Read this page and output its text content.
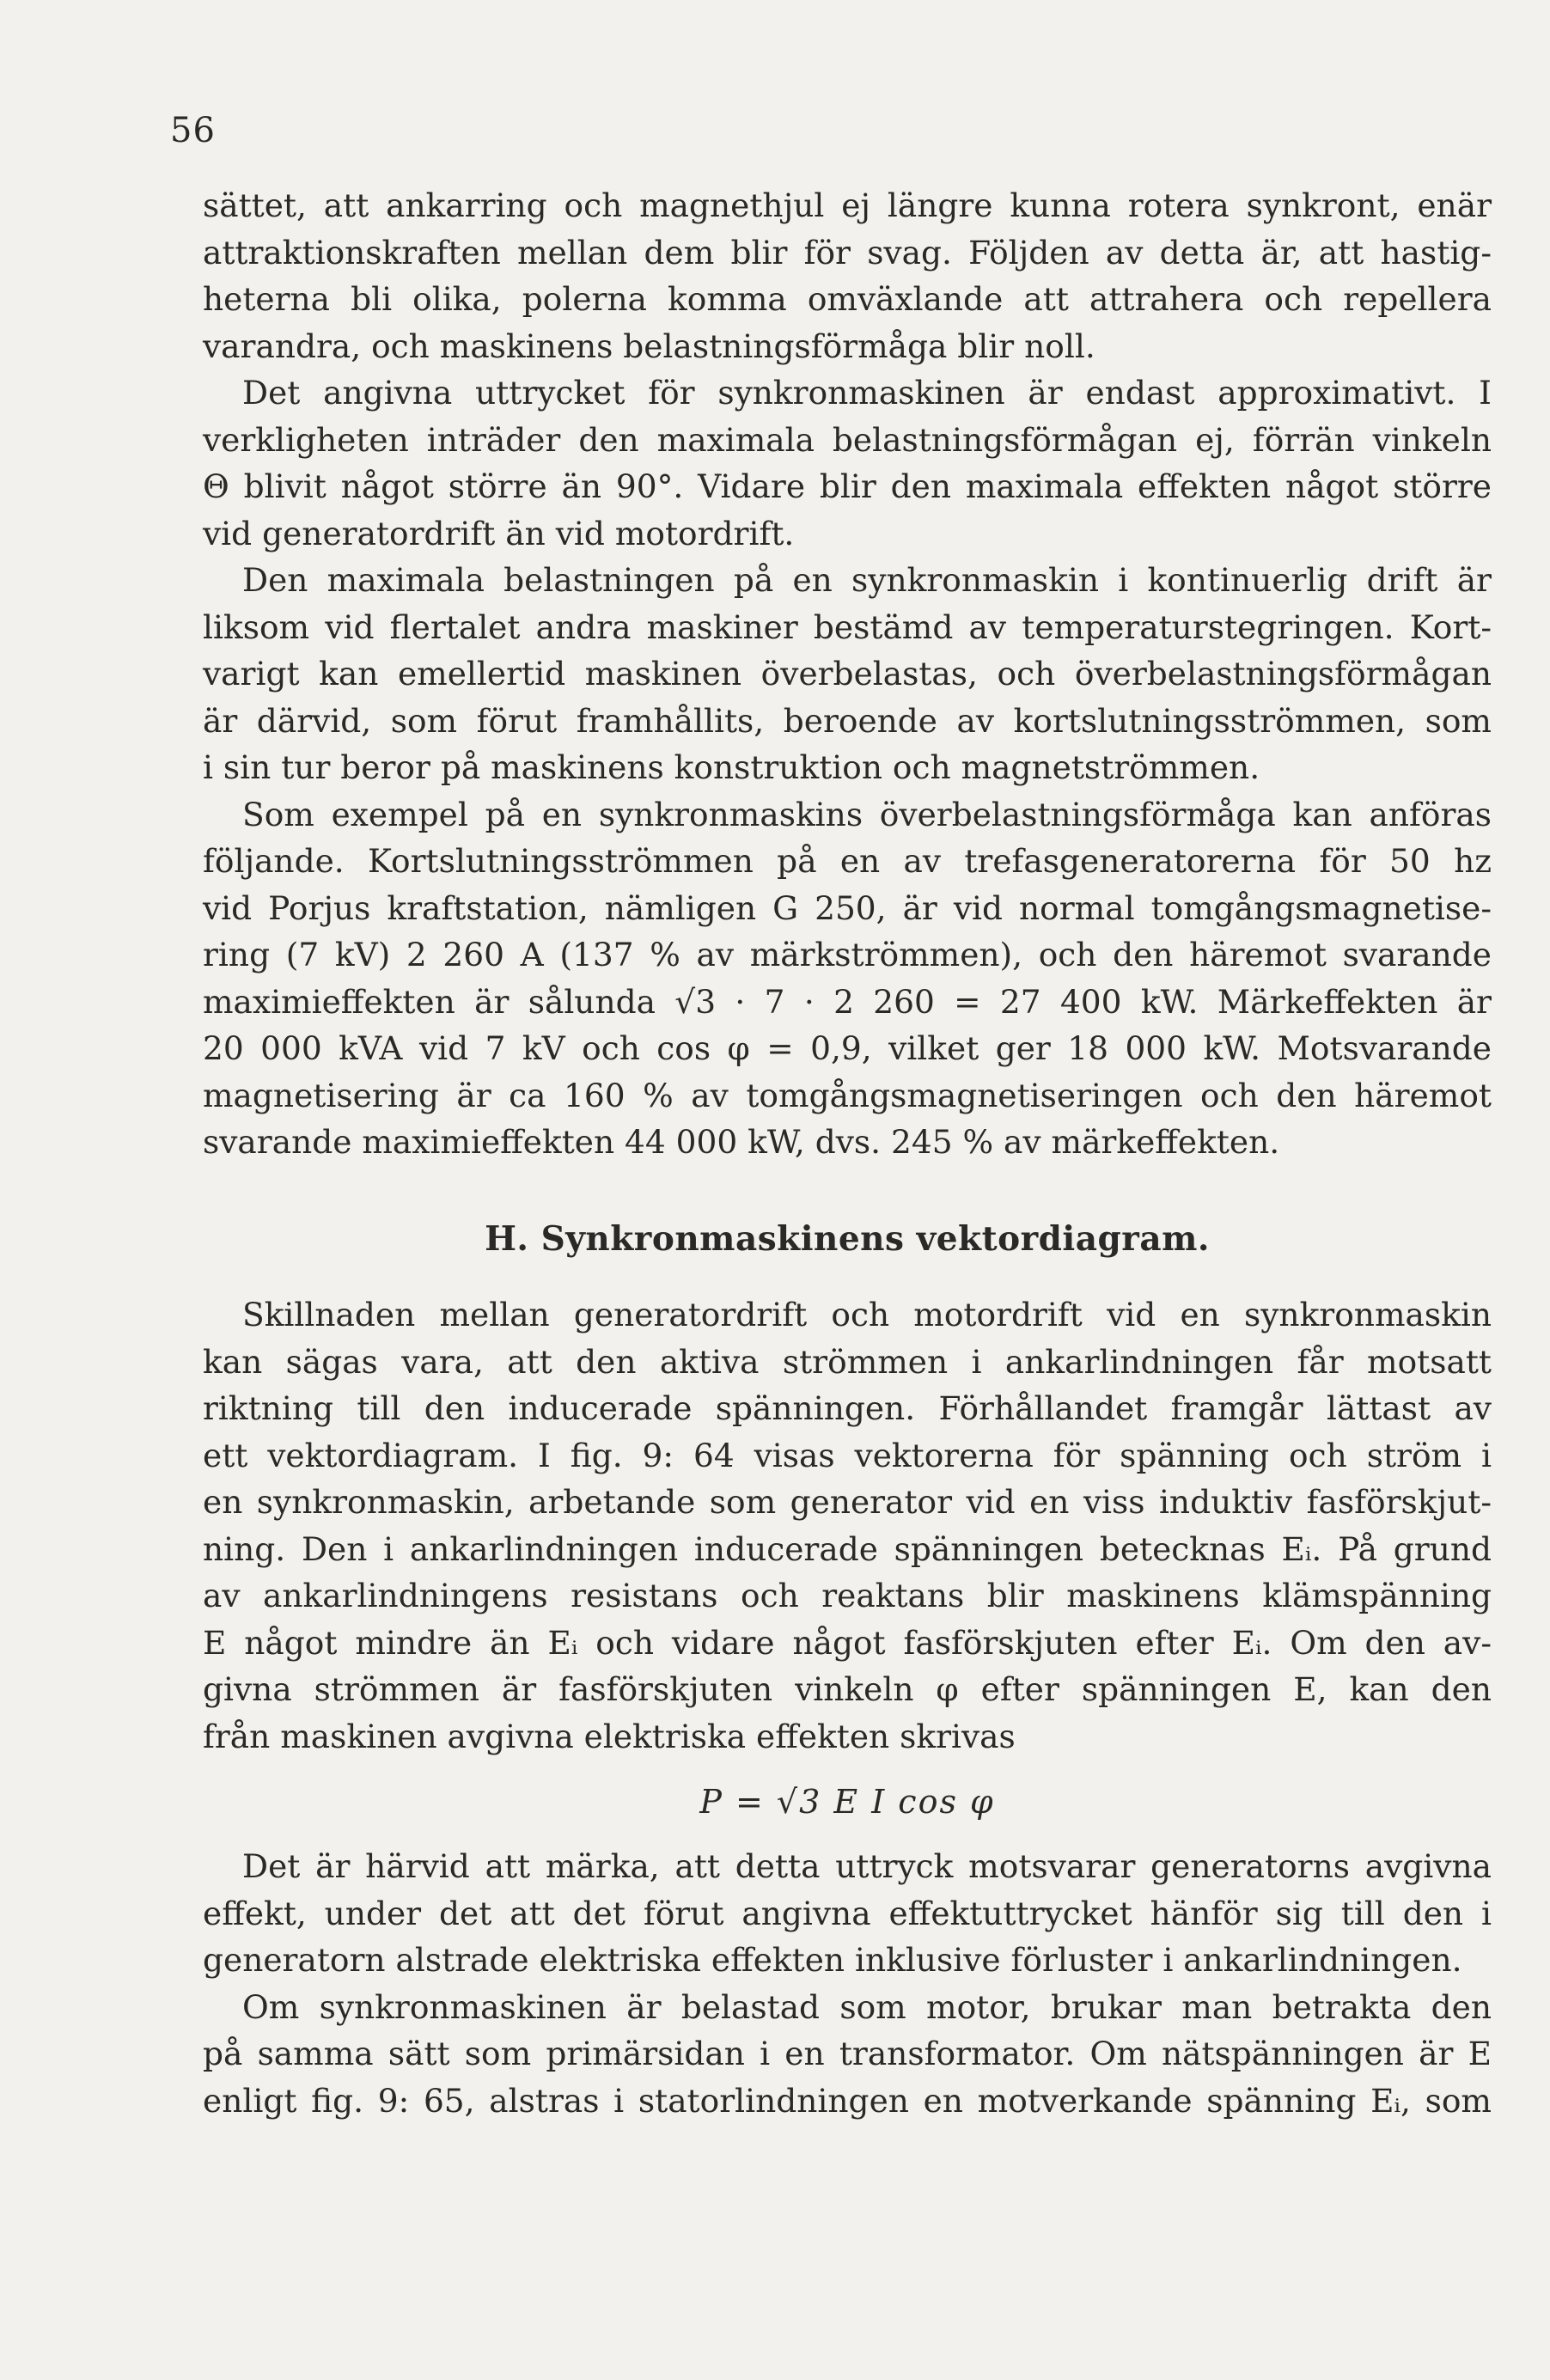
56
sättet, att ankarring och magnethjul ej längre kunna rotera synkront, enär
attraktionskraften mellan dem blir för svag. Följden av detta är, att hastig-
heterna bli olika, polerna komma omväxlande att attrahera och repellera
varandra, och maskinens belastningsförmåga blir noll.
Det angivna uttrycket för synkronmaskinen är endast approximativt. I
verkligheten inträder den maximala belastningsförmågan ej, förrän vinkeln
Θ blivit något större än 90°. Vidare blir den maximala effekten något större
vid generatordrift än vid motordrift.
Den maximala belastningen på en synkronmaskin i kontinuerlig drift är
liksom vid flertalet andra maskiner bestämd av temperaturstegringen. Kort-
varigt kan emellertid maskinen överbelastas, och överbelastningsförmågan
är därvid, som förut framhållits, beroende av kortslutningsströmmen, som
i sin tur beror på maskinens konstruktion och magnetströmmen.
Som exempel på en synkronmaskins överbelastningsförmåga kan anföras
följande. Kortslutningsströmmen på en av trefasgeneratorerna för 50 hz
vid Porjus kraftstation, nämligen G 250, är vid normal tomgångsmagnetise-
ring (7 kV) 2 260 A (137 % av märkströmmen), och den häremot svarande
maximieffekten är sålunda √3 · 7 · 2 260 = 27 400 kW. Märkeffekten är
20 000 kVA vid 7 kV och cos φ = 0,9, vilket ger 18 000 kW. Motsvarande
magnetisering är ca 160 % av tomgångsmagnetiseringen och den häremot
svarande maximieffekten 44 000 kW, dvs. 245 % av märkeffekten.
H. Synkronmaskinens vektordiagram.
Skillnaden mellan generatordrift och motordrift vid en synkronmaskin
kan sägas vara, att den aktiva strömmen i ankarlindningen får motsatt
riktning till den inducerade spänningen. Förhållandet framgår lättast av
ett vektordiagram. I fig. 9: 64 visas vektorerna för spänning och ström i
en synkronmaskin, arbetande som generator vid en viss induktiv fasförskjut-
ning. Den i ankarlindningen inducerade spänningen betecknas Eᵢ. På grund
av ankarlindningens resistans och reaktans blir maskinens klämspänning
E något mindre än Eᵢ och vidare något fasförskjuten efter Eᵢ. Om den av-
givna strömmen är fasförskjuten vinkeln φ efter spänningen E, kan den
från maskinen avgivna elektriska effekten skrivas
P = √3 E I cos φ
Det är härvid att märka, att detta uttryck motsvarar generatorns avgivna
effekt, under det att det förut angivna effektuttrycket hänför sig till den i
generatorn alstrade elektriska effekten inklusive förluster i ankarlindningen.
Om synkronmaskinen är belastad som motor, brukar man betrakta den
på samma sätt som primärsidan i en transformator. Om nätspänningen är E
enligt fig. 9: 65, alstras i statorlindningen en motverkande spänning Eᵢ, som
